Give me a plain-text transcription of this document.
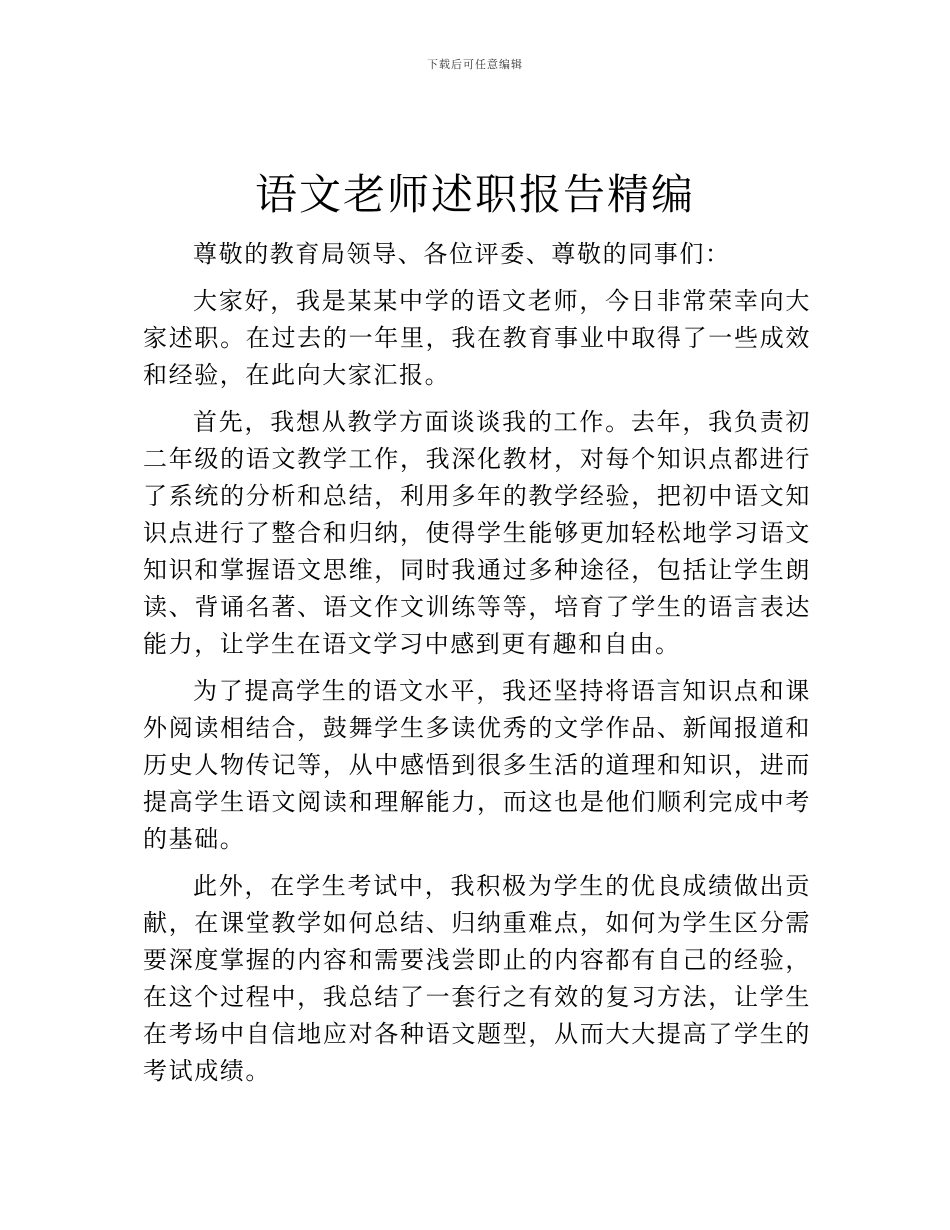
下载后可任意编辑
语文老师述职报告精编

尊敬的教育局领导、各位评委、尊敬的同事们：

大家好，我是某某中学的语文老师，今日非常荣幸向大家述职。在过去的一年里，我在教育事业中取得了一些成效和经验，在此向大家汇报。

首先，我想从教学方面谈谈我的工作。去年，我负责初二年级的语文教学工作，我深化教材，对每个知识点都进行了系统的分析和总结，利用多年的教学经验，把初中语文知识点进行了整合和归纳，使得学生能够更加轻松地学习语文知识和掌握语文思维，同时我通过多种途径，包括让学生朗读、背诵名著、语文作文训练等等，培育了学生的语言表达能力，让学生在语文学习中感到更有趣和自由。

为了提高学生的语文水平，我还坚持将语言知识点和课外阅读相结合，鼓舞学生多读优秀的文学作品、新闻报道和历史人物传记等，从中感悟到很多生活的道理和知识，进而提高学生语文阅读和理解能力，而这也是他们顺利完成中考的基础。

此外，在学生考试中，我积极为学生的优良成绩做出贡献，在课堂教学如何总结、归纳重难点，如何为学生区分需要深度掌握的内容和需要浅尝即止的内容都有自己的经验，在这个过程中，我总结了一套行之有效的复习方法，让学生在考场中自信地应对各种语文题型，从而大大提高了学生的考试成绩。
